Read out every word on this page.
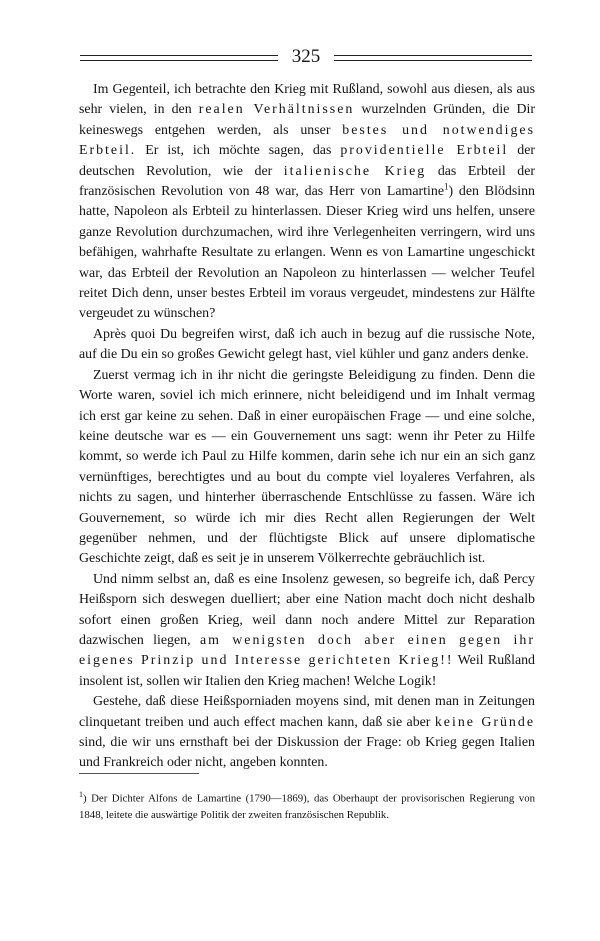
325

Im Gegenteil, ich betrachte den Krieg mit Rußland, sowohl aus diesen, als aus sehr vielen, in den realen Verhältnissen wurzelnden Gründen, die Dir keineswegs entgehen werden, als unser bestes und notwendiges Erbteil. Er ist, ich möchte sagen, das providentielle Erbteil der deutschen Revolution, wie der italienische Krieg das Erbteil der französischen Revolution von 48 war, das Herr von Lamartine$^1$) den Blödsinn hatte, Napoleon als Erbteil zu hinterlassen. Dieser Krieg wird uns helfen, unsere ganze Revolution durchzumachen, wird ihre Verlegenheiten verringern, wird uns befähigen, wahrhafte Resultate zu erlangen. Wenn es von Lamartine ungeschickt war, das Erbteil der Revolution an Napoleon zu hinterlassen — welcher Teufel reitet Dich denn, unser bestes Erbteil im voraus vergeudet, mindestens zur Hälfte vergeudet zu wünschen?

Après quoi Du begreifen wirst, daß ich auch in bezug auf die russische Note, auf die Du ein so großes Gewicht gelegt hast, viel kühler und ganz anders denke.

Zuerst vermag ich in ihr nicht die geringste Beleidigung zu finden. Denn die Worte waren, soviel ich mich erinnere, nicht beleidigend und im Inhalt vermag ich erst gar keine zu sehen. Daß in einer europäischen Frage — und eine solche, keine deutsche war es — ein Gouvernement uns sagt: wenn ihr Peter zu Hilfe kommt, so werde ich Paul zu Hilfe kommen, darin sehe ich nur ein an sich ganz vernünftiges, berechtigtes und au bout du compte viel loyaleres Verfahren, als nichts zu sagen, und hinterher überraschende Entschlüsse zu fassen. Wäre ich Gouvernement, so würde ich mir dies Recht allen Regierungen der Welt gegenüber nehmen, und der flüchtigste Blick auf unsere diplomatische Geschichte zeigt, daß es seit je in unserem Völkerrechte gebräuchlich ist.

Und nimm selbst an, daß es eine Insolenz gewesen, so begreife ich, daß Percy Heißsporn sich deswegen duelliert; aber eine Nation macht doch nicht deshalb sofort einen großen Krieg, weil dann noch andere Mittel zur Reparation dazwischen liegen, am wenigsten doch aber einen gegen ihr eigenes Prinzip und Interesse gerichteten Krieg!! Weil Rußland insolent ist, sollen wir Italien den Krieg machen! Welche Logik!

Gestehe, daß diese Heißsporniaden moyens sind, mit denen man in Zeitungen clinquetant treiben und auch effect machen kann, daß sie aber keine Gründe sind, die wir uns ernsthaft bei der Diskussion der Frage: ob Krieg gegen Italien und Frankreich oder nicht, angeben konnten.

$^1$) Der Dichter Alfons de Lamartine (1790—1869), das Oberhaupt der provisorischen Regierung von 1848, leitete die auswärtige Politik der zweiten französischen Republik.
